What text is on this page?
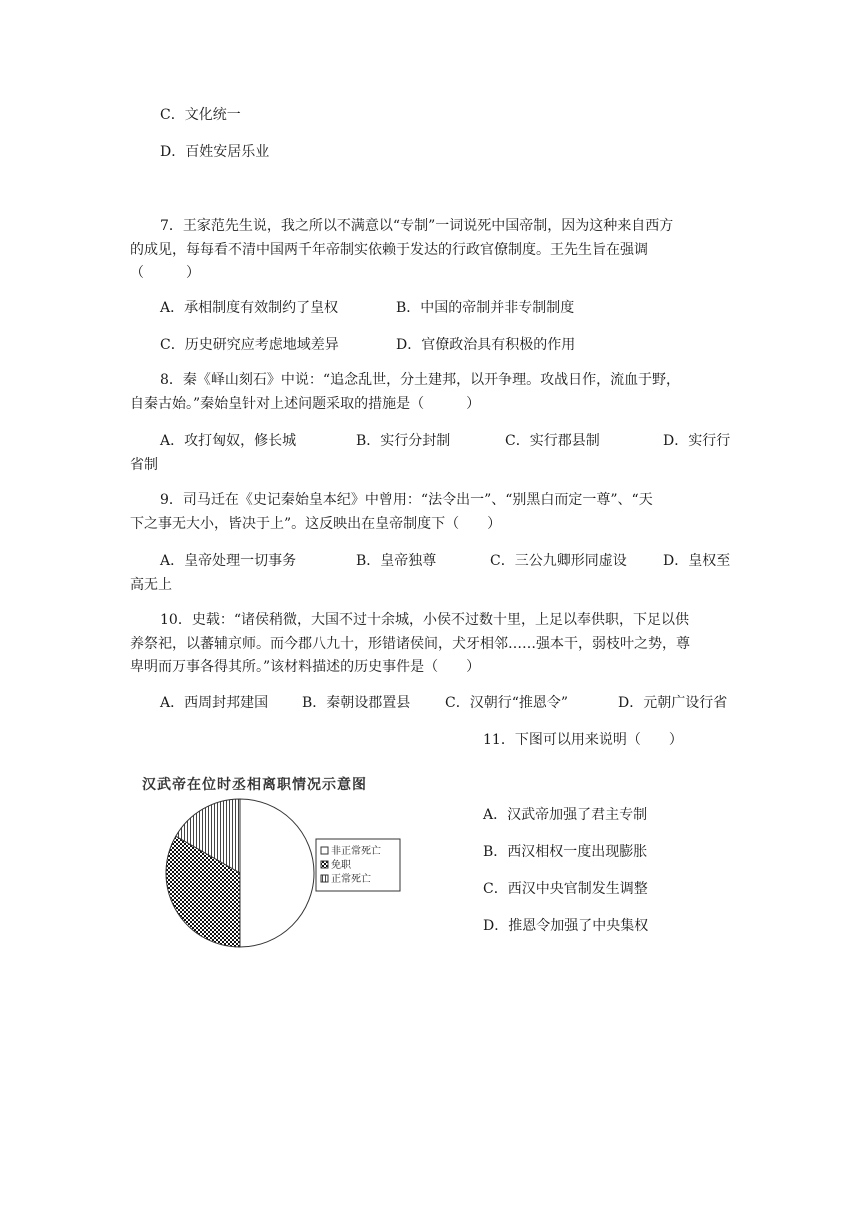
C．文化统一
D．百姓安居乐业
7．王家范先生说，我之所以不满意以“专制”一词说死中国帝制，因为这种来自西方
的成见，每每看不清中国两千年帝制实依赖于发达的行政官僚制度。王先生旨在强调
（　　　）
A．承相制度有效制约了皇权	B．中国的帝制并非专制制度
C．历史研究应考虑地域差异	D．官僚政治具有积极的作用
8．秦《峄山刻石》中说：“追念乱世，分土建邦，以开争理。攻战日作，流血于野，
自秦古始。”秦始皇针对上述问题采取的措施是（　　　）
A．攻打匈奴，修长城	B．实行分封制	C．实行郡县制	D．实行行
省制
9．司马迁在《史记秦始皇本纪》中曾用：“法令出一”、“别黑白而定一尊”、“天
下之事无大小，皆决于上”。这反映出在皇帝制度下（　　）
A．皇帝处理一切事务	B．皇帝独尊	C．三公九卿形同虚设	D．皇权至
高无上
10．史载：“诸侯稍微，大国不过十余城，小侯不过数十里，上足以奉供职，下足以供
养祭祀，以蕃辅京师。而今郡八九十，形错诸侯间，犬牙相邻……强本干，弱枝叶之势，尊
卑明而万事各得其所。”该材料描述的历史事件是（　　）
A．西周封邦建国 B．秦朝设郡置县 C．汉朝行“推恩令”	D．元朝广设行省
11．下图可以用来说明（　　）
A．汉武帝加强了君主专制
B．西汉相权一度出现膨胀
C．西汉中央官制发生调整
D．推恩令加强了中央集权
汉武帝在位时丞相离职情况示意图
非正常死亡
免职
正常死亡
